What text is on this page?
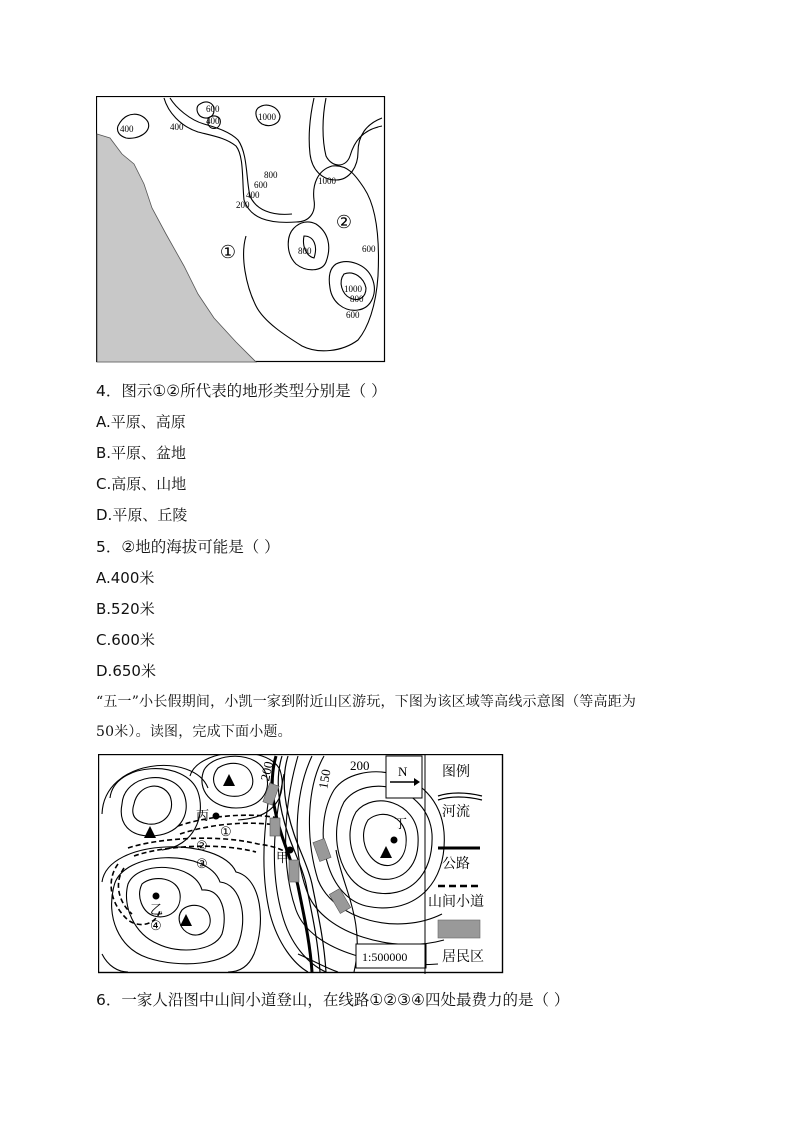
400	400
600
400	1000
800
600
400
200
1000
800	600
1000
800
600
①
②
4．图示①②所代表的地形类型分别是（ ）
A.平原、高原
B.平原、盆地
C.高原、山地
D.平原、丘陵
5．②地的海拔可能是（ ）
A.400米
B.520米
C.600米
D.650米
“五一”小长假期间，小凯一家到附近山区游玩，下图为该区域等高线示意图（等高距为
50米）。读图，完成下面小题。
200	150
200
丙
甲
乙
丁
①
②
③
④
N
1:500000
图例
河流
公路
山间小道
居民区
6．一家人沿图中山间小道登山，在线路①②③④四处最费力的是（ ）
